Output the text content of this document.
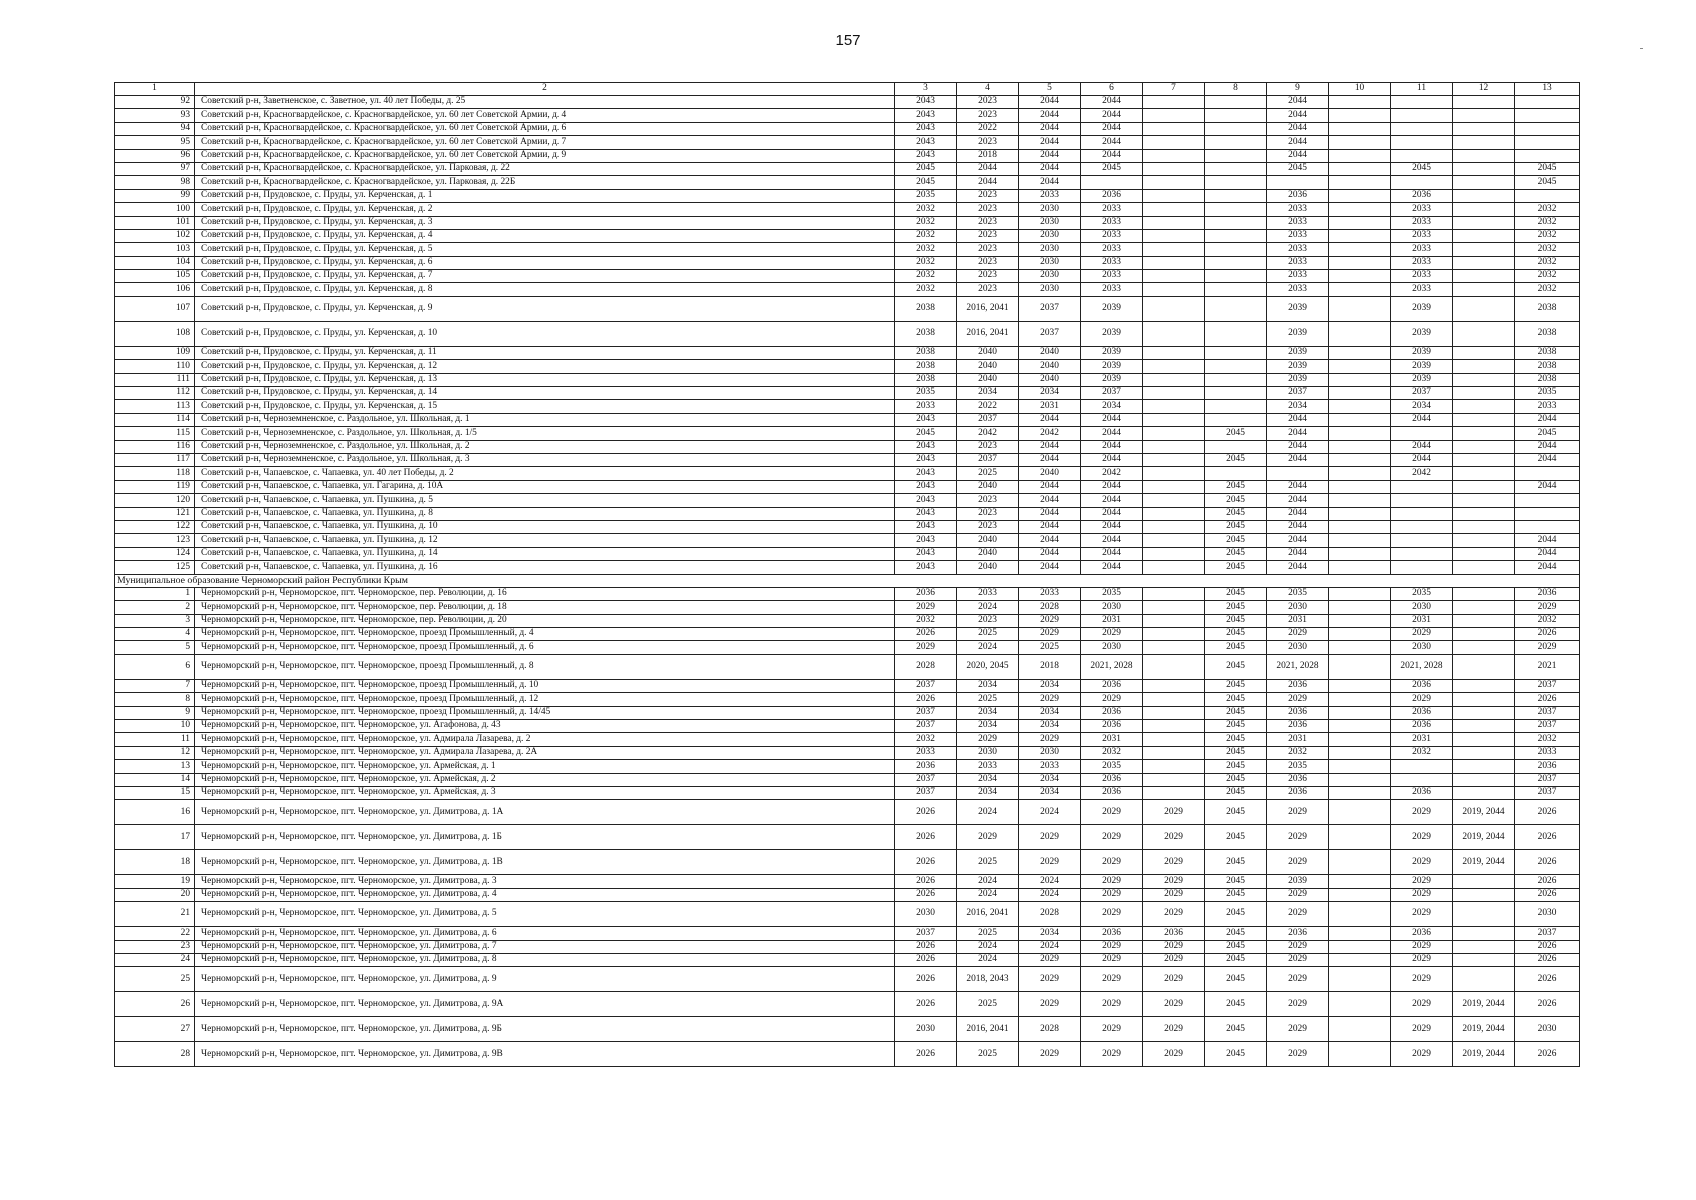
157
1	2	3	4	5	6	7	8	9	10	11	12	13
92	Советский р-н, Заветненское, с. Заветное, ул. 40 лет Победы, д. 25	2043	2023	2044	2044			2044				
93	Советский р-н, Красногвардейское, с. Красногвардейское, ул. 60 лет Советской Армии, д. 4	2043	2023	2044	2044			2044				
94	Советский р-н, Красногвардейское, с. Красногвардейское, ул. 60 лет Советской Армии, д. 6	2043	2022	2044	2044			2044				
95	Советский р-н, Красногвардейское, с. Красногвардейское, ул. 60 лет Советской Армии, д. 7	2043	2023	2044	2044			2044				
96	Советский р-н, Красногвардейское, с. Красногвардейское, ул. 60 лет Советской Армии, д. 9	2043	2018	2044	2044			2044				
97	Советский р-н, Красногвардейское, с. Красногвардейское, ул. Парковая, д. 22	2045	2044	2044	2045			2045		2045		2045
98	Советский р-н, Красногвардейское, с. Красногвардейское, ул. Парковая, д. 22Б	2045	2044	2044								2045
99	Советский р-н, Прудовское, с. Пруды, ул. Керченская, д. 1	2035	2023	2033	2036			2036		2036		
100	Советский р-н, Прудовское, с. Пруды, ул. Керченская, д. 2	2032	2023	2030	2033			2033		2033		2032
101	Советский р-н, Прудовское, с. Пруды, ул. Керченская, д. 3	2032	2023	2030	2033			2033		2033		2032
102	Советский р-н, Прудовское, с. Пруды, ул. Керченская, д. 4	2032	2023	2030	2033			2033		2033		2032
103	Советский р-н, Прудовское, с. Пруды, ул. Керченская, д. 5	2032	2023	2030	2033			2033		2033		2032
104	Советский р-н, Прудовское, с. Пруды, ул. Керченская, д. 6	2032	2023	2030	2033			2033		2033		2032
105	Советский р-н, Прудовское, с. Пруды, ул. Керченская, д. 7	2032	2023	2030	2033			2033		2033		2032
106	Советский р-н, Прудовское, с. Пруды, ул. Керченская, д. 8	2032	2023	2030	2033			2033		2033		2032
107	Советский р-н, Прудовское, с. Пруды, ул. Керченская, д. 9	2038	2016, 2041	2037	2039			2039		2039		2038
108	Советский р-н, Прудовское, с. Пруды, ул. Керченская, д. 10	2038	2016, 2041	2037	2039			2039		2039		2038
109	Советский р-н, Прудовское, с. Пруды, ул. Керченская, д. 11	2038	2040	2040	2039			2039		2039		2038
110	Советский р-н, Прудовское, с. Пруды, ул. Керченская, д. 12	2038	2040	2040	2039			2039		2039		2038
111	Советский р-н, Прудовское, с. Пруды, ул. Керченская, д. 13	2038	2040	2040	2039			2039		2039		2038
112	Советский р-н, Прудовское, с. Пруды, ул. Керченская, д. 14	2035	2034	2034	2037			2037		2037		2035
113	Советский р-н, Прудовское, с. Пруды, ул. Керченская, д. 15	2033	2022	2031	2034			2034		2034		2033
114	Советский р-н, Черноземненское, с. Раздольное, ул. Школьная, д. 1	2043	2037	2044	2044			2044		2044		2044
115	Советский р-н, Черноземненское, с. Раздольное, ул. Школьная, д. 1/5	2045	2042	2042	2044		2045	2044				2045
116	Советский р-н, Черноземненское, с. Раздольное, ул. Школьная, д. 2	2043	2023	2044	2044			2044		2044		2044
117	Советский р-н, Черноземненское, с. Раздольное, ул. Школьная, д. 3	2043	2037	2044	2044		2045	2044		2044		2044
118	Советский р-н, Чапаевское, с. Чапаевка, ул. 40 лет Победы, д. 2	2043	2025	2040	2042					2042		
119	Советский р-н, Чапаевское, с. Чапаевка, ул. Гагарина, д. 10А	2043	2040	2044	2044		2045	2044				2044
120	Советский р-н, Чапаевское, с. Чапаевка, ул. Пушкина, д. 5	2043	2023	2044	2044		2045	2044				
121	Советский р-н, Чапаевское, с. Чапаевка, ул. Пушкина, д. 8	2043	2023	2044	2044		2045	2044				
122	Советский р-н, Чапаевское, с. Чапаевка, ул. Пушкина, д. 10	2043	2023	2044	2044		2045	2044				
123	Советский р-н, Чапаевское, с. Чапаевка, ул. Пушкина, д. 12	2043	2040	2044	2044		2045	2044				2044
124	Советский р-н, Чапаевское, с. Чапаевка, ул. Пушкина, д. 14	2043	2040	2044	2044		2045	2044				2044
125	Советский р-н, Чапаевское, с. Чапаевка, ул. Пушкина, д. 16	2043	2040	2044	2044		2045	2044				2044
Муниципальное образование Черноморский район Республики Крым												
1	Черноморский р-н, Черноморское, пгт. Черноморское, пер. Революции, д. 16	2036	2033	2033	2035		2045	2035		2035		2036
2	Черноморский р-н, Черноморское, пгт. Черноморское, пер. Революции, д. 18	2029	2024	2028	2030		2045	2030		2030		2029
3	Черноморский р-н, Черноморское, пгт. Черноморское, пер. Революции, д. 20	2032	2023	2029	2031		2045	2031		2031		2032
4	Черноморский р-н, Черноморское, пгт. Черноморское, проезд Промышленный, д. 4	2026	2025	2029	2029		2045	2029		2029		2026
5	Черноморский р-н, Черноморское, пгт. Черноморское, проезд Промышленный, д. 6	2029	2024	2025	2030		2045	2030		2030		2029
6	Черноморский р-н, Черноморское, пгт. Черноморское, проезд Промышленный, д. 8	2028	2020, 2045	2018	2021, 2028		2045	2021, 2028		2021, 2028		2021
7	Черноморский р-н, Черноморское, пгт. Черноморское, проезд Промышленный, д. 10	2037	2034	2034	2036		2045	2036		2036		2037
8	Черноморский р-н, Черноморское, пгт. Черноморское, проезд Промышленный, д. 12	2026	2025	2029	2029		2045	2029		2029		2026
9	Черноморский р-н, Черноморское, пгт. Черноморское, проезд Промышленный, д. 14/45	2037	2034	2034	2036		2045	2036		2036		2037
10	Черноморский р-н, Черноморское, пгт. Черноморское, ул. Агафонова, д. 43	2037	2034	2034	2036		2045	2036		2036		2037
11	Черноморский р-н, Черноморское, пгт. Черноморское, ул. Адмирала Лазарева, д. 2	2032	2029	2029	2031		2045	2031		2031		2032
12	Черноморский р-н, Черноморское, пгт. Черноморское, ул. Адмирала Лазарева, д. 2А	2033	2030	2030	2032		2045	2032		2032		2033
13	Черноморский р-н, Черноморское, пгт. Черноморское, ул. Армейская, д. 1	2036	2033	2033	2035		2045	2035				2036
14	Черноморский р-н, Черноморское, пгт. Черноморское, ул. Армейская, д. 2	2037	2034	2034	2036		2045	2036				2037
15	Черноморский р-н, Черноморское, пгт. Черноморское, ул. Армейская, д. 3	2037	2034	2034	2036		2045	2036		2036		2037
16	Черноморский р-н, Черноморское, пгт. Черноморское, ул. Димитрова, д. 1А	2026	2024	2024	2029	2029	2045	2029		2029	2019, 2044	2026
17	Черноморский р-н, Черноморское, пгт. Черноморское, ул. Димитрова, д. 1Б	2026	2029	2029	2029	2029	2045	2029		2029	2019, 2044	2026
18	Черноморский р-н, Черноморское, пгт. Черноморское, ул. Димитрова, д. 1В	2026	2025	2029	2029	2029	2045	2029		2029	2019, 2044	2026
19	Черноморский р-н, Черноморское, пгт. Черноморское, ул. Димитрова, д. 3	2026	2024	2024	2029	2029	2045	2039		2029		2026
20	Черноморский р-н, Черноморское, пгт. Черноморское, ул. Димитрова, д. 4	2026	2024	2024	2029	2029	2045	2029		2029		2026
21	Черноморский р-н, Черноморское, пгт. Черноморское, ул. Димитрова, д. 5	2030	2016, 2041	2028	2029	2029	2045	2029		2029		2030
22	Черноморский р-н, Черноморское, пгт. Черноморское, ул. Димитрова, д. 6	2037	2025	2034	2036	2036	2045	2036		2036		2037
23	Черноморский р-н, Черноморское, пгт. Черноморское, ул. Димитрова, д. 7	2026	2024	2024	2029	2029	2045	2029		2029		2026
24	Черноморский р-н, Черноморское, пгт. Черноморское, ул. Димитрова, д. 8	2026	2024	2029	2029	2029	2045	2029		2029		2026
25	Черноморский р-н, Черноморское, пгт. Черноморское, ул. Димитрова, д. 9	2026	2018, 2043	2029	2029	2029	2045	2029		2029		2026
26	Черноморский р-н, Черноморское, пгт. Черноморское, ул. Димитрова, д. 9А	2026	2025	2029	2029	2029	2045	2029		2029	2019, 2044	2026
27	Черноморский р-н, Черноморское, пгт. Черноморское, ул. Димитрова, д. 9Б	2030	2016, 2041	2028	2029	2029	2045	2029		2029	2019, 2044	2030
28	Черноморский р-н, Черноморское, пгт. Черноморское, ул. Димитрова, д. 9В	2026	2025	2029	2029	2029	2045	2029		2029	2019, 2044	2026
